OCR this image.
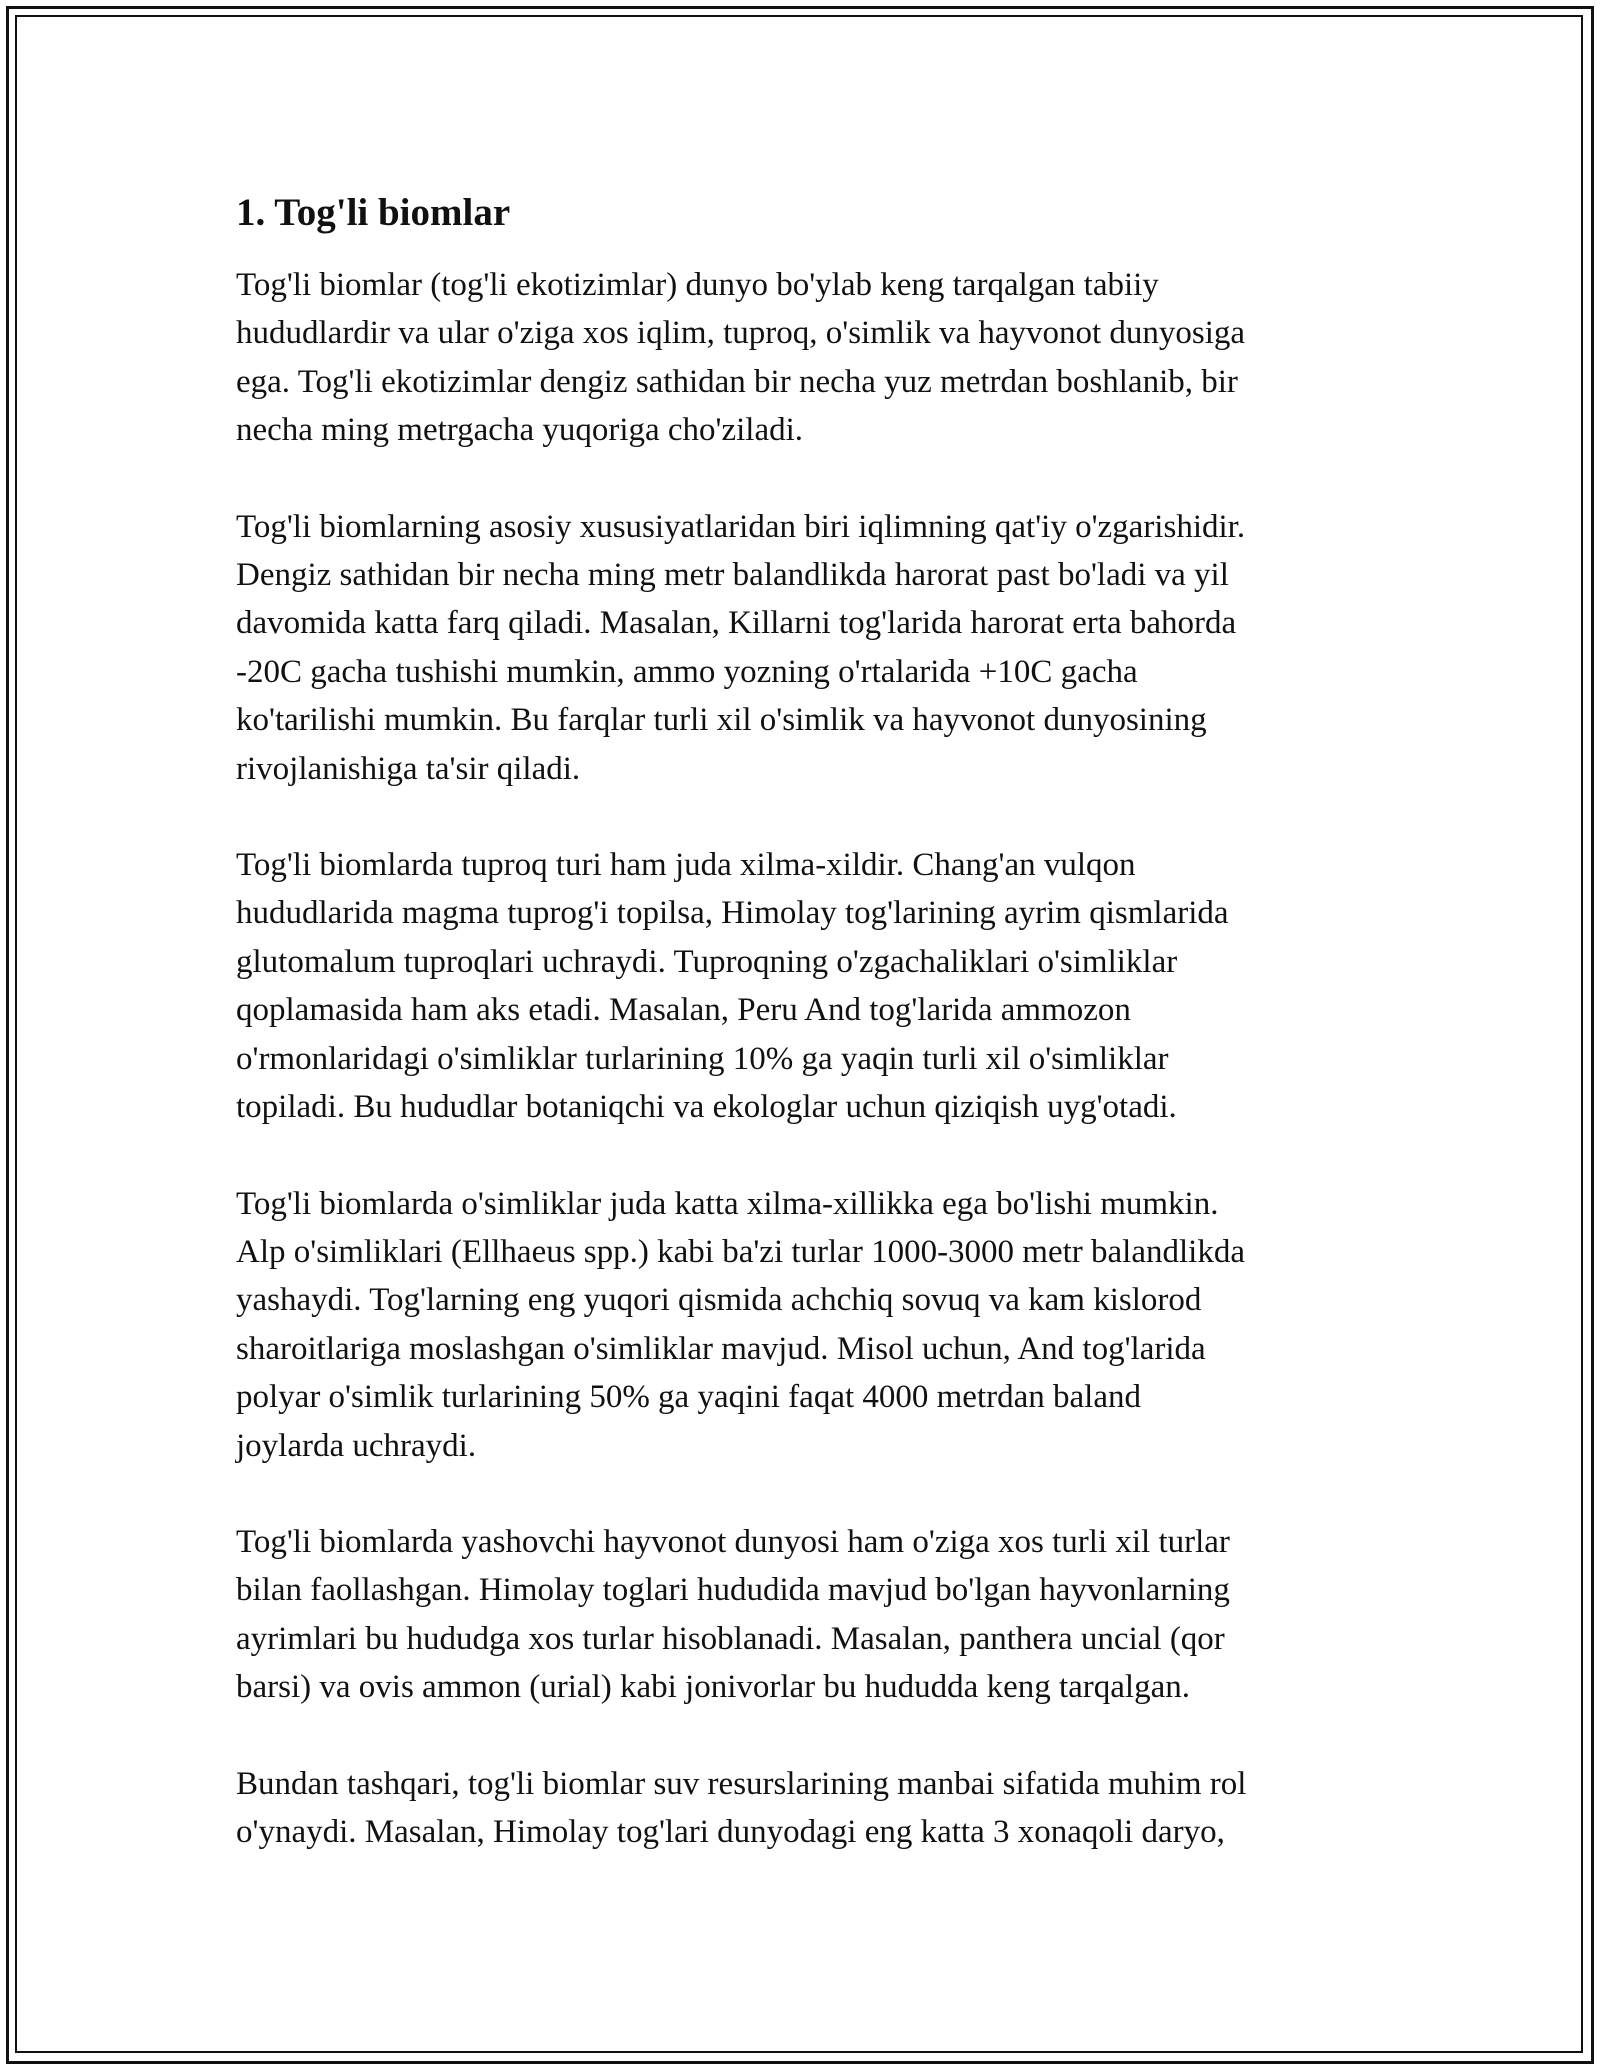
1. Tog'li biomlar

Tog'li biomlar (tog'li ekotizimlar) dunyo bo'ylab keng tarqalgan tabiiy
hududlardir va ular o'ziga xos iqlim, tuproq, o'simlik va hayvonot dunyosiga
ega. Tog'li ekotizimlar dengiz sathidan bir necha yuz metrdan boshlanib, bir
necha ming metrgacha yuqoriga cho'ziladi.

Tog'li biomlarning asosiy xususiyatlaridan biri iqlimning qat'iy o'zgarishidir.
Dengiz sathidan bir necha ming metr balandlikda harorat past bo'ladi va yil
davomida katta farq qiladi. Masalan, Killarni tog'larida harorat erta bahorda
-20C gacha tushishi mumkin, ammo yozning o'rtalarida +10C gacha
ko'tarilishi mumkin. Bu farqlar turli xil o'simlik va hayvonot dunyosining
rivojlanishiga ta'sir qiladi.

Tog'li biomlarda tuproq turi ham juda xilma-xildir. Chang'an vulqon
hududlarida magma tuprog'i topilsa, Himolay tog'larining ayrim qismlarida
glutomalum tuproqlari uchraydi. Tuproqning o'zgachaliklari o'simliklar
qoplamasida ham aks etadi. Masalan, Peru And tog'larida ammozon
o'rmonlaridagi o'simliklar turlarining 10% ga yaqin turli xil o'simliklar
topiladi. Bu hududlar botaniqchi va ekologlar uchun qiziqish uyg'otadi.

Tog'li biomlarda o'simliklar juda katta xilma-xillikka ega bo'lishi mumkin.
Alp o'simliklari (Ellhaeus spp.) kabi ba'zi turlar 1000-3000 metr balandlikda
yashaydi. Tog'larning eng yuqori qismida achchiq sovuq va kam kislorod
sharoitlariga moslashgan o'simliklar mavjud. Misol uchun, And tog'larida
polyar o'simlik turlarining 50% ga yaqini faqat 4000 metrdan baland
joylarda uchraydi.

Tog'li biomlarda yashovchi hayvonot dunyosi ham o'ziga xos turli xil turlar
bilan faollashgan. Himolay toglari hududida mavjud bo'lgan hayvonlarning
ayrimlari bu hududga xos turlar hisoblanadi. Masalan, panthera uncial (qor
barsi) va ovis ammon (urial) kabi jonivorlar bu hududda keng tarqalgan.

Bundan tashqari, tog'li biomlar suv resurslarining manbai sifatida muhim rol
o'ynaydi. Masalan, Himolay tog'lari dunyodagi eng katta 3 xonaqoli daryo,
